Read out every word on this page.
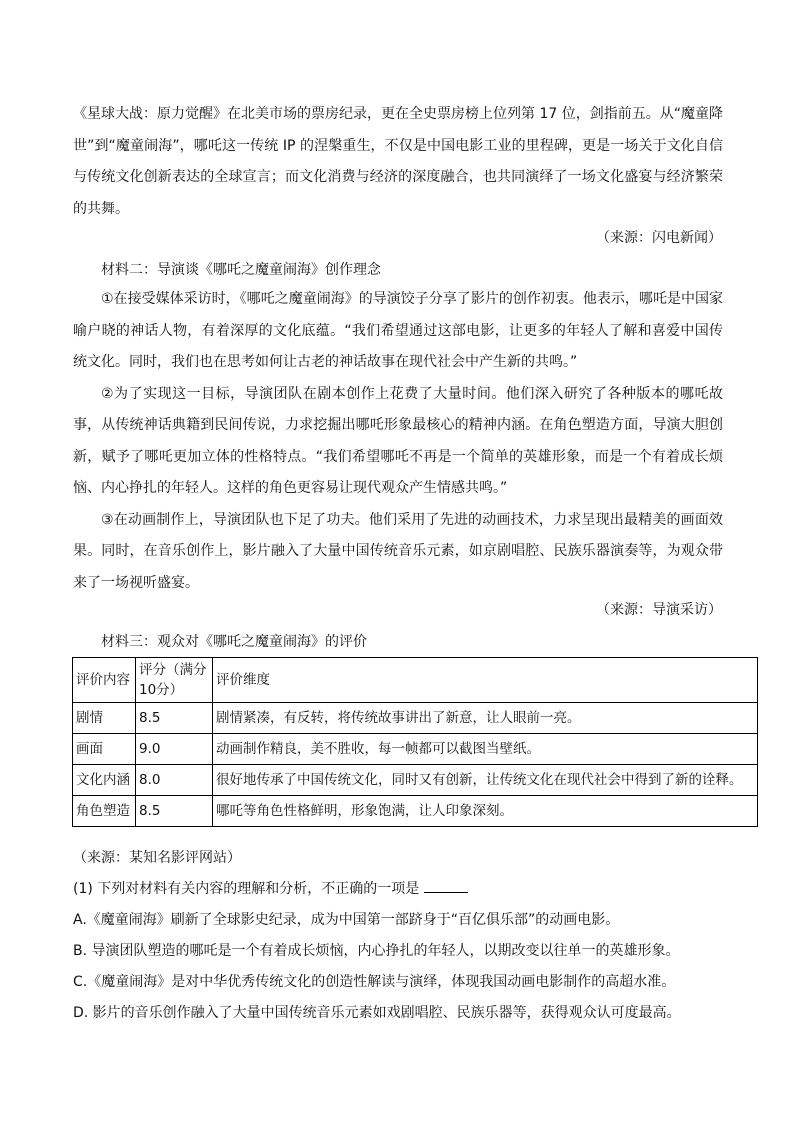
《星球大战：原力觉醒》在北美市场的票房纪录，更在全史票房榜上位列第 17 位，剑指前五。从“魔童降世”到“魔童闹海”，哪吒这一传统 IP 的涅槃重生，不仅是中国电影工业的里程碑，更是一场关于文化自信与传统文化创新表达的全球宣言；而文化消费与经济的深度融合，也共同演绎了一场文化盛宴与经济繁荣的共舞。

（来源：闪电新闻）
材料二：导演谈《哪吒之魔童闹海》创作理念

①在接受媒体采访时，《哪吒之魔童闹海》的导演饺子分享了影片的创作初衷。他表示，哪吒是中国家喻户晓的神话人物，有着深厚的文化底蕴。“我们希望通过这部电影，让更多的年轻人了解和喜爱中国传统文化。同时，我们也在思考如何让古老的神话故事在现代社会中产生新的共鸣。”

②为了实现这一目标，导演团队在剧本创作上花费了大量时间。他们深入研究了各种版本的哪吒故事，从传统神话典籍到民间传说，力求挖掘出哪吒形象最核心的精神内涵。在角色塑造方面，导演大胆创新，赋予了哪吒更加立体的性格特点。“我们希望哪吒不再是一个简单的英雄形象，而是一个有着成长烦恼、内心挣扎的年轻人。这样的角色更容易让现代观众产生情感共鸣。”

③在动画制作上，导演团队也下足了功夫。他们采用了先进的动画技术，力求呈现出最精美的画面效果。同时，在音乐创作上，影片融入了大量中国传统音乐元素，如京剧唱腔、民族乐器演奏等，为观众带来了一场视听盛宴。

（来源：导演采访）
材料三：观众对《哪吒之魔童闹海》的评价
评价内容	评分（满分10分）	评价维度
剧情	8.5	剧情紧凑，有反转，将传统故事讲出了新意，让人眼前一亮。
画面	9.0	动画制作精良，美不胜收，每一帧都可以截图当壁纸。
文化内涵	8.0	很好地传承了中国传统文化，同时又有创新，让传统文化在现代社会中得到了新的诠释。
角色塑造	8.5	哪吒等角色性格鲜明，形象饱满，让人印象深刻。
（来源：某知名影评网站）
(1) 下列对材料有关内容的理解和分析，不正确的一项是
A.《魔童闹海》刷新了全球影史纪录，成为中国第一部跻身于“百亿俱乐部”的动画电影。
B. 导演团队塑造的哪吒是一个有着成长烦恼，内心挣扎的年轻人，以期改变以往单一的英雄形象。
C.《魔童闹海》是对中华优秀传统文化的创造性解读与演绎，体现我国动画电影制作的高超水准。
D. 影片的音乐创作融入了大量中国传统音乐元素如戏剧唱腔、民族乐器等，获得观众认可度最高。
